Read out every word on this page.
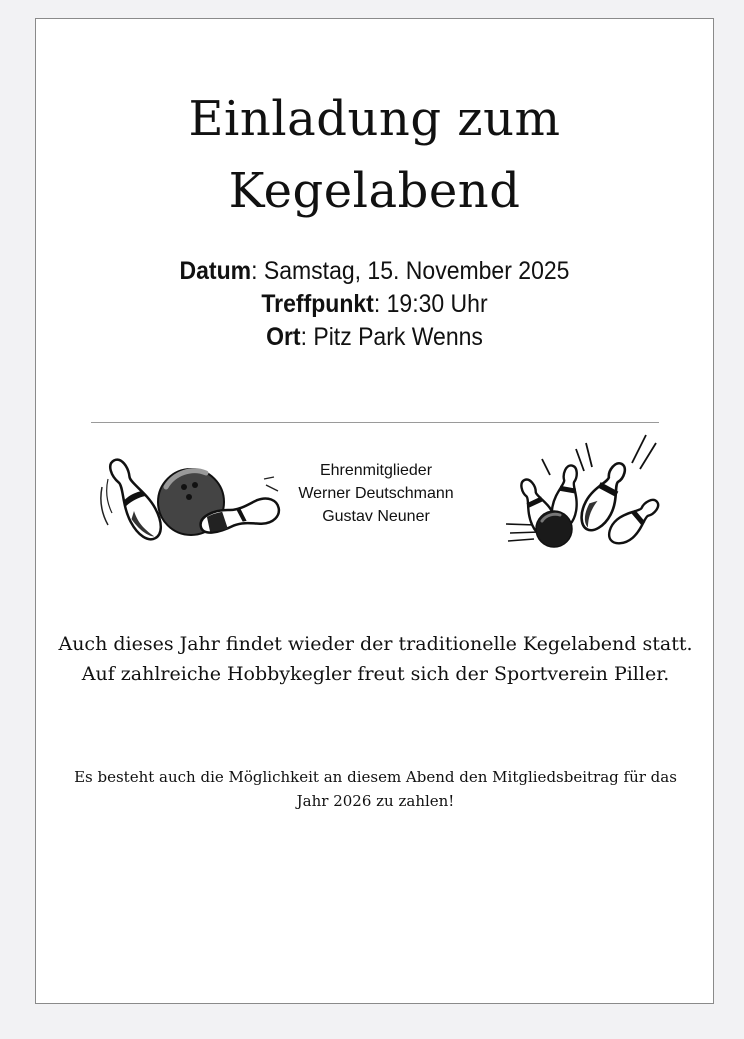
Einladung zum
Kegelabend
Datum: Samstag, 15. November 2025
Treffpunkt: 19:30 Uhr
Ort: Pitz Park Wenns
Ehrenmitglieder
Werner Deutschmann
Gustav Neuner
Auch dieses Jahr findet wieder der traditionelle Kegelabend statt. Auf zahlreiche Hobbykegler freut sich der Sportverein Piller.
Es besteht auch die Möglichkeit an diesem Abend den Mitgliedsbeitrag für das Jahr 2026 zu zahlen!
